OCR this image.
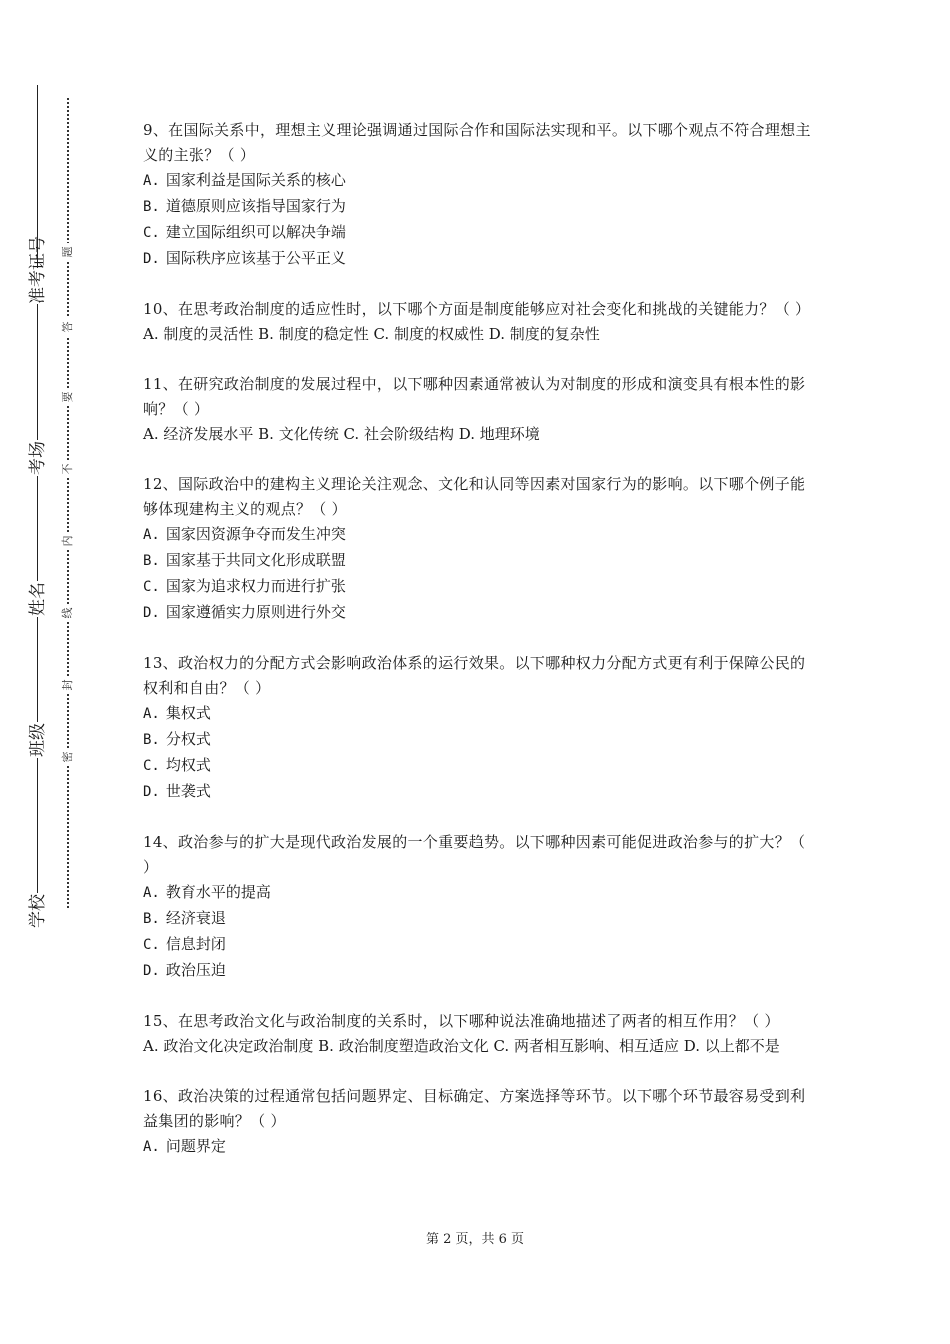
准考证号
考场
姓名
班级
学校
题
答
要
不
内
线
封
密

9、在国际关系中，理想主义理论强调通过国际合作和国际法实现和平。以下哪个观点不符合理想主义的主张？（ ）

A. 国家利益是国际关系的核心

B. 道德原则应该指导国家行为

C. 建立国际组织可以解决争端

D. 国际秩序应该基于公平正义

10、在思考政治制度的适应性时，以下哪个方面是制度能够应对社会变化和挑战的关键能力？（ ）

A. 制度的灵活性 B. 制度的稳定性 C. 制度的权威性 D. 制度的复杂性

11、在研究政治制度的发展过程中，以下哪种因素通常被认为对制度的形成和演变具有根本性的影响？（ ）

A. 经济发展水平 B. 文化传统 C. 社会阶级结构 D. 地理环境

12、国际政治中的建构主义理论关注观念、文化和认同等因素对国家行为的影响。以下哪个例子能够体现建构主义的观点？（ ）

A. 国家因资源争夺而发生冲突

B. 国家基于共同文化形成联盟

C. 国家为追求权力而进行扩张

D. 国家遵循实力原则进行外交

13、政治权力的分配方式会影响政治体系的运行效果。以下哪种权力分配方式更有利于保障公民的权利和自由？（ ）

A. 集权式

B. 分权式

C. 均权式

D. 世袭式

14、政治参与的扩大是现代政治发展的一个重要趋势。以下哪种因素可能促进政治参与的扩大？（ ）

A. 教育水平的提高

B. 经济衰退

C. 信息封闭

D. 政治压迫

15、在思考政治文化与政治制度的关系时，以下哪种说法准确地描述了两者的相互作用？（ ）

A. 政治文化决定政治制度 B. 政治制度塑造政治文化 C. 两者相互影响、相互适应 D. 以上都不是

16、政治决策的过程通常包括问题界定、目标确定、方案选择等环节。以下哪个环节最容易受到利益集团的影响？（ ）

A. 问题界定

第 2 页，共 6 页
